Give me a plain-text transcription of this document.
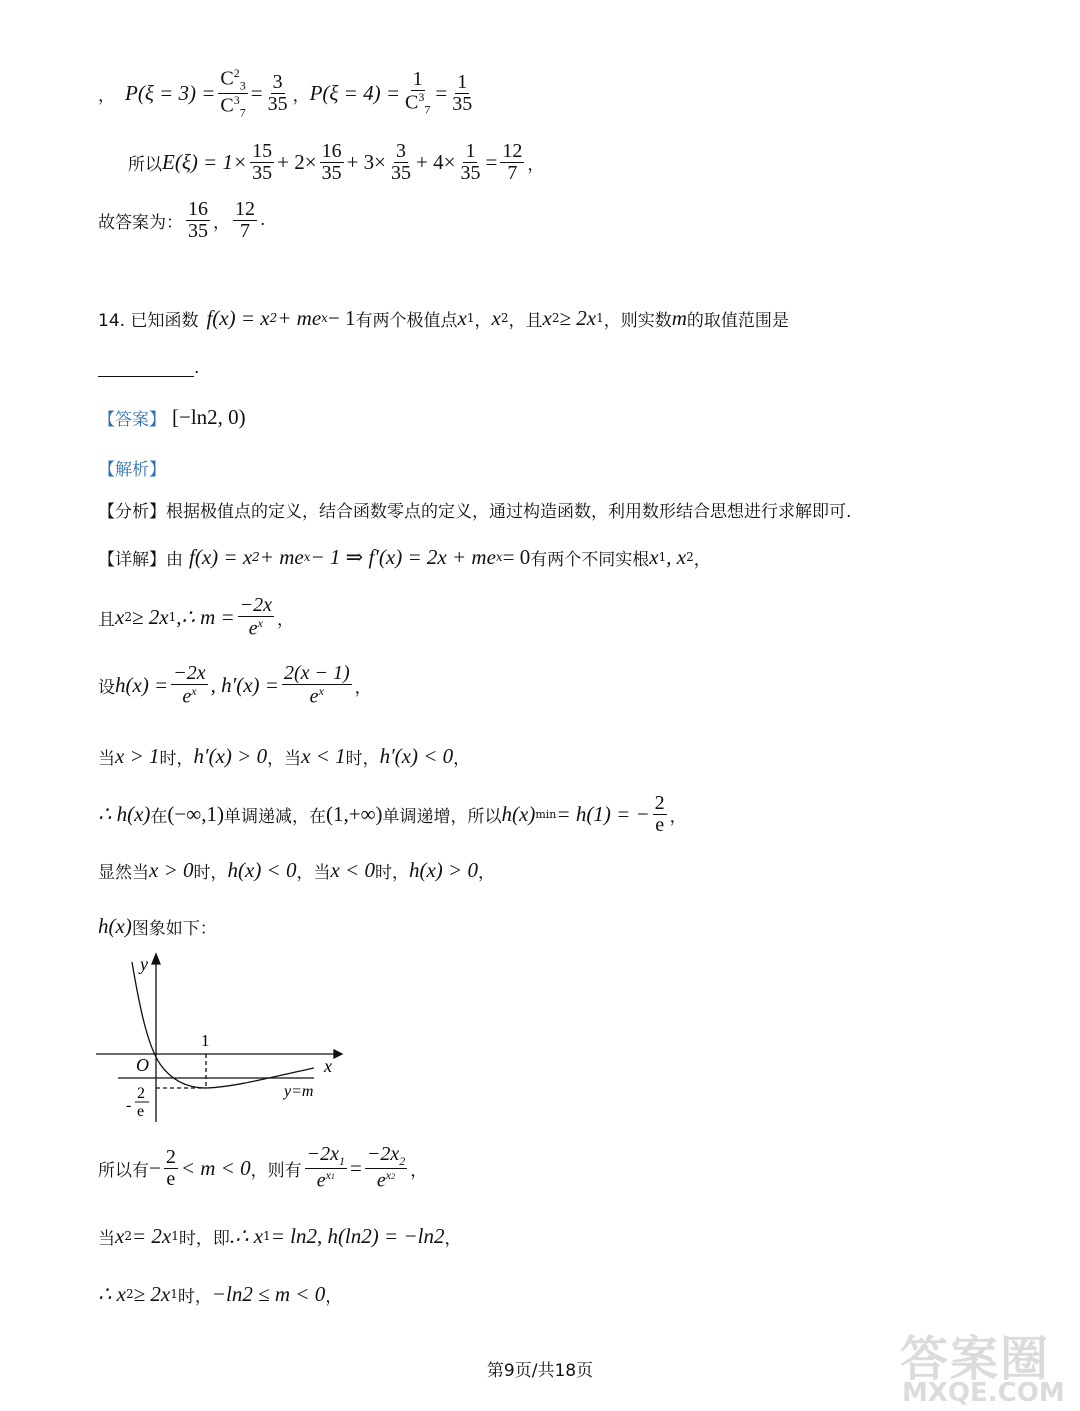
， P $(\xi = 3) = \frac{C^2_3}{C^3_7} = \frac{3}{35}$ ， P $(\xi = 4) = \frac{1}{C^3_7} = \frac{1}{35}$
所以 $E(\xi) = 1\times \frac{15}{35} + 2\times \frac{16}{35} + 3\times \frac{3}{35} + 4\times \frac{1}{35} = \frac{12}{7}$ ，
故答案为： $\frac{16}{35}$ ， $\frac{12}{7}$ .
14. 已知函数 f (x) = x 2 + me x − 1 有两个极值点 x 1 ， x 2 ，且 x 2 ≥ 2x 1 ，则实数 m 的取值范围是
.
【答案】 [−ln2, 0)
【解析】
【分析】 根据极值点的定义，结合函数零点的定义，通过构造函数，利用数形结合思想进行求解即可.
【详解】 由 f(x) = x 2 + me x − 1 ⇒ f′(x) = 2x + me x = 0 有两个不同实根 x 1 , x 2 ，
且 x 2 ≥ 2x 1 ,∴ $m = \frac{-2x}{e^x}$ ，
设 $h(x) = \frac{-2x}{e^x}$ , $h'(x) = \frac{2(x - 1)}{e^x}$ ，
当 x > 1 时， h′(x) > 0 ，当 x < 1 时， h′(x) < 0 ，
∴ h(x) 在 (−∞,1) 单调递减，在 (1,+∞) 单调递增，所以 h(x) min = h(1) = − $\frac{2}{e}$ ，
显然当 x > 0 时， h(x) < 0 ，当 x < 0 时， h(x) > 0 ，
h(x) 图象如下：
y
x
O
1
y=m
-
2
e
所以有 − $\frac{2}{e} < m < 0$ ，则有 $\frac{-2x_1}{e^{x1}} = \frac{-2x_2}{e^{x2}}$ ，
当 x 2 = 2x 1 时，即 .∴ x 1 = ln2, h(ln2) = −ln2 ，
∴ x 2 ≥ 2x 1 时， −ln2 ≤ m < 0 ，
第9页/共18页	答案圈
MXQE.COM
